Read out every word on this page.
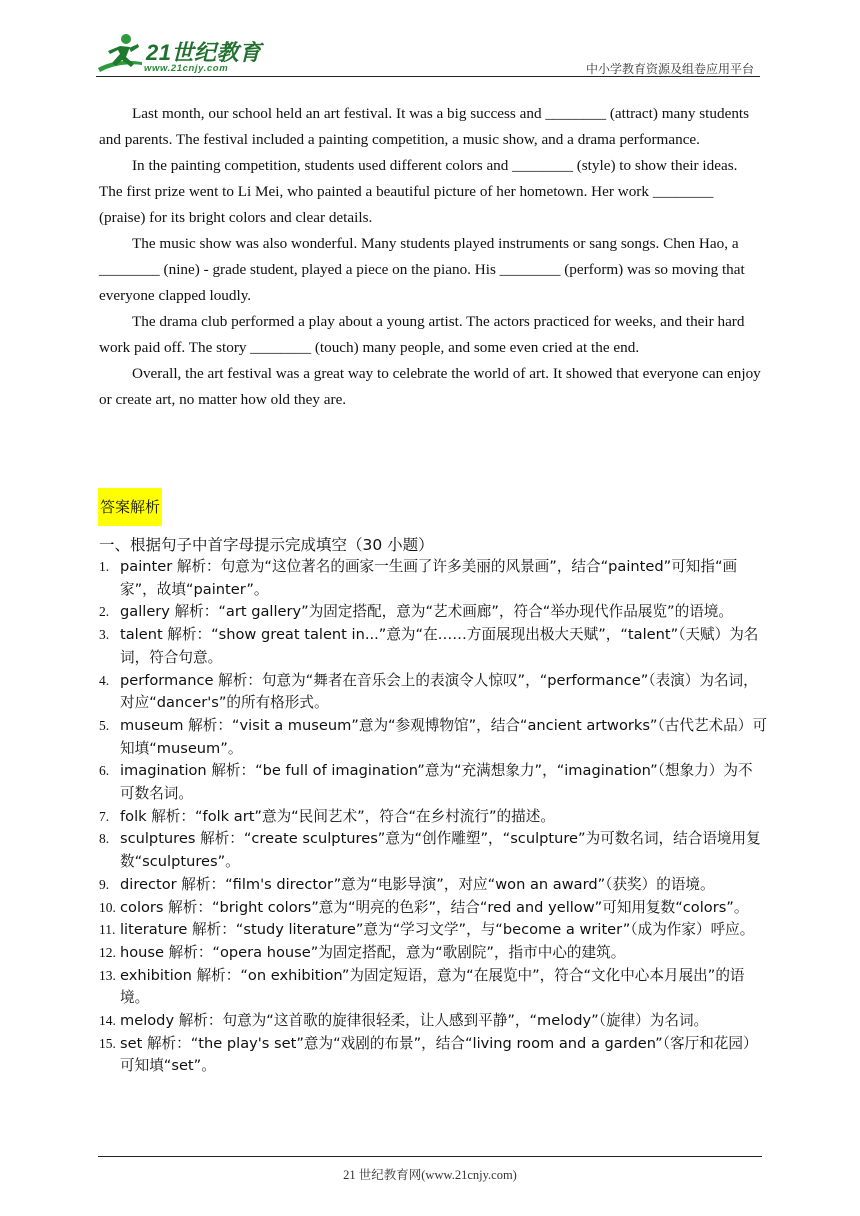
21世纪教育
www.21cnjy.com	中小学教育资源及组卷应用平台

Last month, our school held an art festival. It was a big success and ________ (attract) many students and parents. The festival included a painting competition, a music show, and a drama performance.

In the painting competition, students used different colors and ________ (style) to show their ideas. The first prize went to Li Mei, who painted a beautiful picture of her hometown. Her work ________ (praise) for its bright colors and clear details.

The music show was also wonderful. Many students played instruments or sang songs. Chen Hao, a ________ (nine) - grade student, played a piece on the piano. His ________ (perform) was so moving that everyone clapped loudly.

The drama club performed a play about a young artist. The actors practiced for weeks, and their hard work paid off. The story ________ (touch) many people, and some even cried at the end.

Overall, the art festival was a great way to celebrate the world of art. It showed that everyone can enjoy or create art, no matter how old they are.

答案解析
一、根据句子中首字母提示完成填空（30 小题）
1. painter 解析：句意为“这位著名的画家一生画了许多美丽的风景画”，结合“painted”可知指“画家”，故填“painter”。
2. gallery 解析：“art gallery”为固定搭配，意为“艺术画廊”，符合“举办现代作品展览”的语境。
3. talent 解析：“show great talent in...”意为“在……方面展现出极大天赋”，“talent”（天赋）为名词，符合句意。
4. performance 解析：句意为“舞者在音乐会上的表演令人惊叹”，“performance”（表演）为名词，对应“dancer's”的所有格形式。
5. museum 解析：“visit a museum”意为“参观博物馆”，结合“ancient artworks”（古代艺术品）可知填“museum”。
6. imagination 解析：“be full of imagination”意为“充满想象力”，“imagination”（想象力）为不可数名词。
7. folk 解析：“folk art”意为“民间艺术”，符合“在乡村流行”的描述。
8. sculptures 解析：“create sculptures”意为“创作雕塑”，“sculpture”为可数名词，结合语境用复数“sculptures”。
9. director 解析：“film's director”意为“电影导演”，对应“won an award”（获奖）的语境。
10. colors 解析：“bright colors”意为“明亮的色彩”，结合“red and yellow”可知用复数“colors”。
11. literature 解析：“study literature”意为“学习文学”，与“become a writer”（成为作家）呼应。
12. house 解析：“opera house”为固定搭配，意为“歌剧院”，指市中心的建筑。
13. exhibition 解析：“on exhibition”为固定短语，意为“在展览中”，符合“文化中心本月展出”的语境。
14. melody 解析：句意为“这首歌的旋律很轻柔，让人感到平静”，“melody”（旋律）为名词。
15. set 解析：“the play's set”意为“戏剧的布景”，结合“living room and a garden”（客厅和花园）可知填“set”。
21 世纪教育网(www.21cnjy.com)
